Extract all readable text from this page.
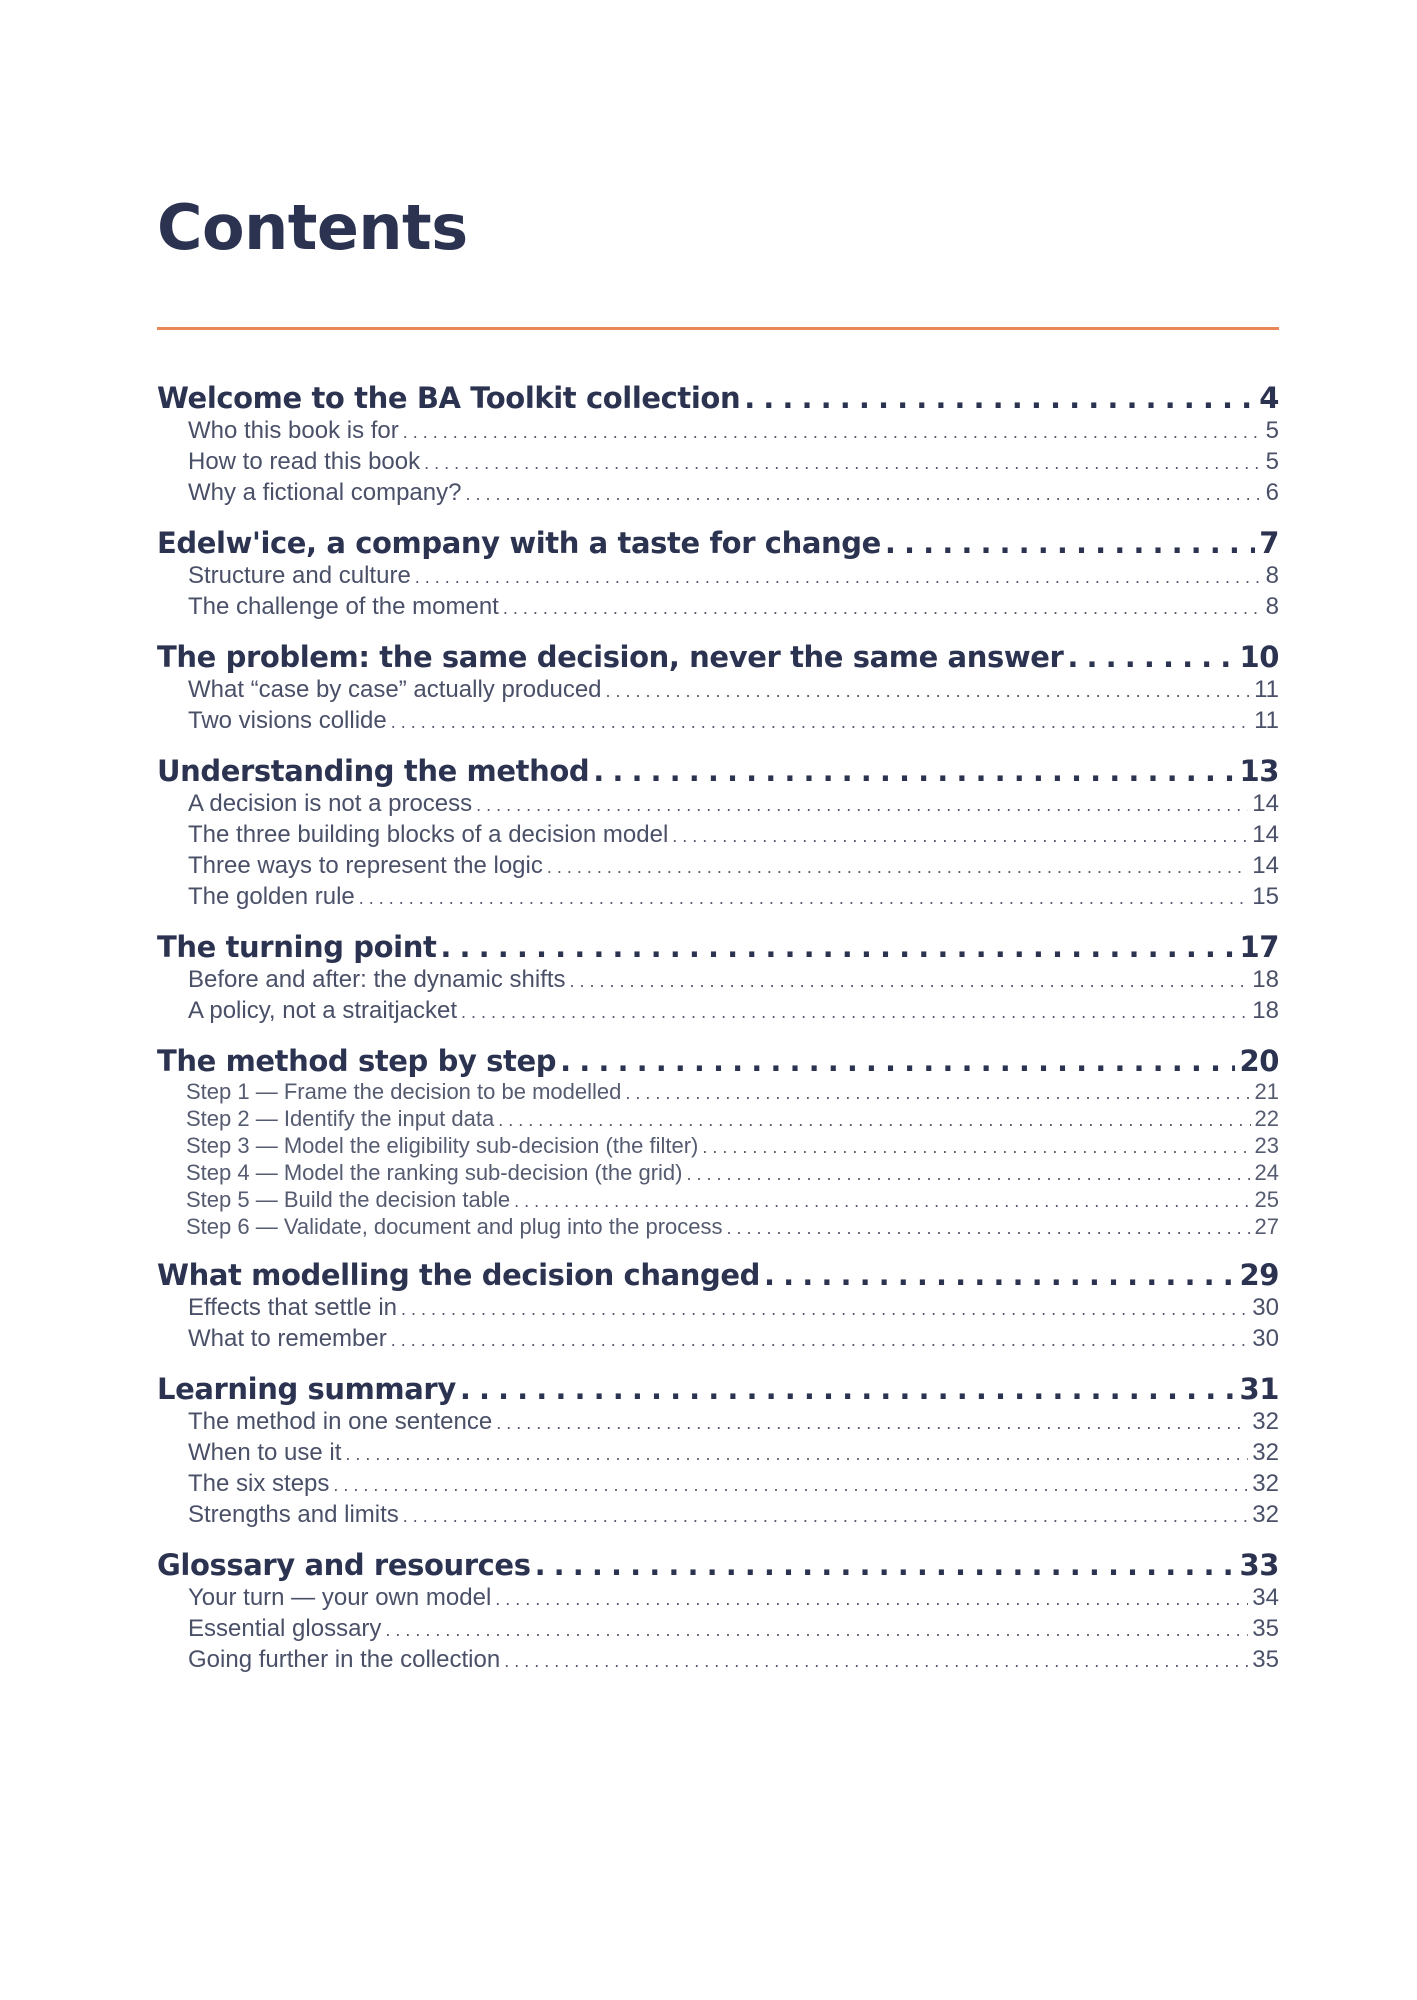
Contents
Welcome to the BA Toolkit collection . . .	4
Who this book is for . . .	5
How to read this book . . .	5
Why a fictional company? . . .	6
Edelw'ice, a company with a taste for change . . .	7
Structure and culture . . .	8
The challenge of the moment . . .	8
The problem: the same decision, never the same answer . . .	10
What “case by case” actually produced . . .	11
Two visions collide . . .	11
Understanding the method . . .	13
A decision is not a process . . .	14
The three building blocks of a decision model . . .	14
Three ways to represent the logic . . .	14
The golden rule . . .	15
The turning point . . .	17
Before and after: the dynamic shifts . . .	18
A policy, not a straitjacket . . .	18
The method step by step . . .	20
Step 1 — Frame the decision to be modelled . . .	21
Step 2 — Identify the input data . . .	22
Step 3 — Model the eligibility sub-decision (the filter) . . .	23
Step 4 — Model the ranking sub-decision (the grid) . . .	24
Step 5 — Build the decision table . . .	25
Step 6 — Validate, document and plug into the process . . .	27
What modelling the decision changed . . .	29
Effects that settle in . . .	30
What to remember . . .	30
Learning summary . . .	31
The method in one sentence . . .	32
When to use it . . .	32
The six steps . . .	32
Strengths and limits . . .	32
Glossary and resources . . .	33
Your turn — your own model . . .	34
Essential glossary . . .	35
Going further in the collection . . .	35
